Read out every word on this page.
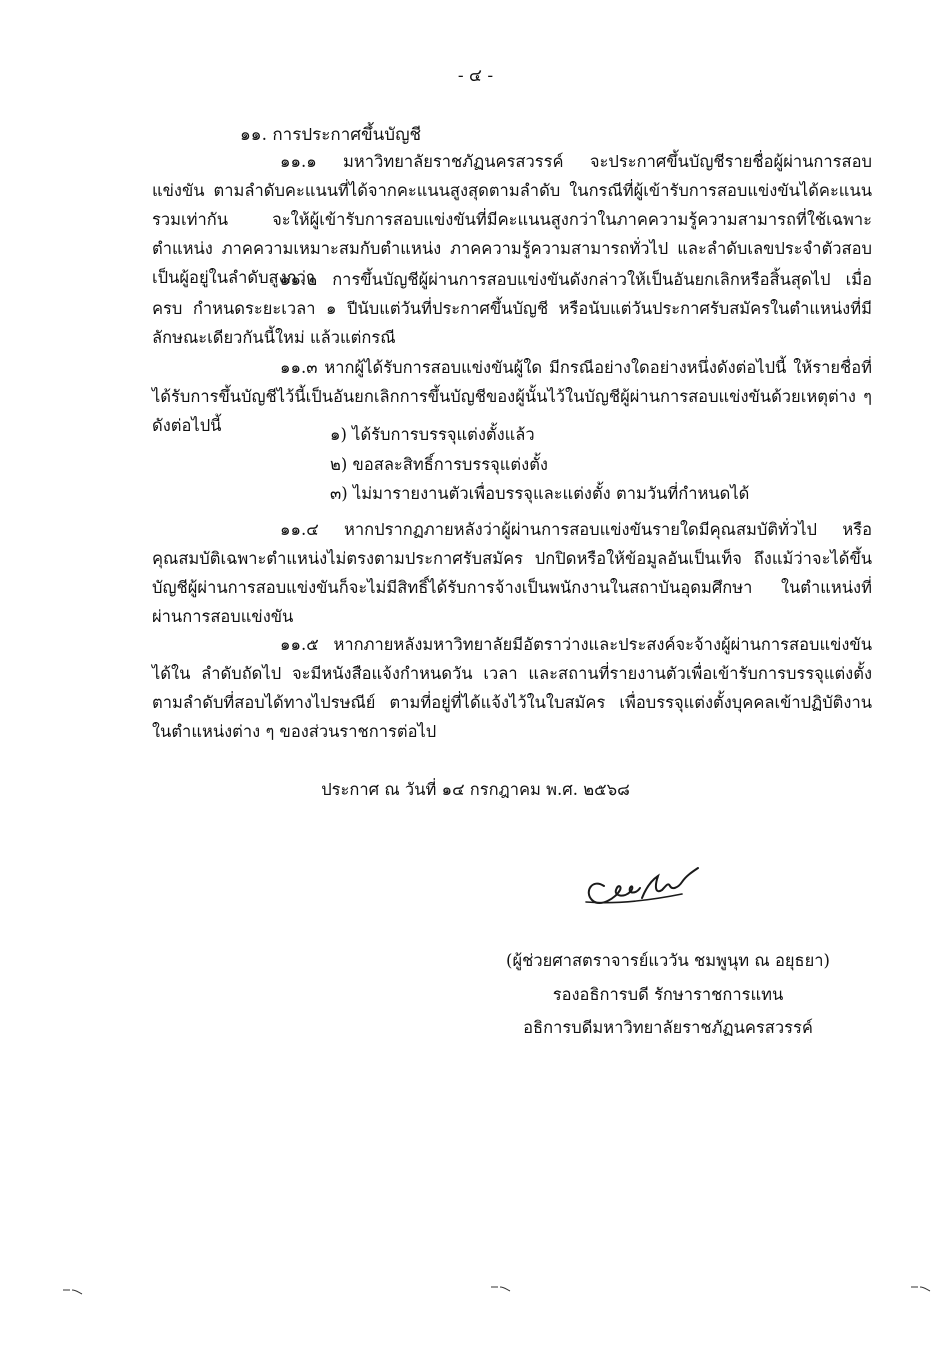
- ๔ -
๑๑. การประกาศขึ้นบัญชี
๑๑.๑ มหาวิทยาลัยราชภัฏนครสวรรค์ จะประกาศขึ้นบัญชีรายชื่อผู้ผ่านการสอบแข่งขัน ตามลำดับคะแนนที่ได้จากคะแนนสูงสุดตามลำดับ ในกรณีที่ผู้เข้ารับการสอบแข่งขันได้คะแนนรวมเท่ากัน จะให้ผู้เข้ารับการสอบแข่งขันที่มีคะแนนสูงกว่าในภาคความรู้ความสามารถที่ใช้เฉพาะตำแหน่ง ภาคความเหมาะสมกับตำแหน่ง ภาคความรู้ความสามารถทั่วไป และลำดับเลขประจำตัวสอบเป็นผู้อยู่ในลำดับสูงกว่า
๑๑.๒ การขึ้นบัญชีผู้ผ่านการสอบแข่งขันดังกล่าวให้เป็นอันยกเลิกหรือสิ้นสุดไป เมื่อครบ กำหนดระยะเวลา ๑ ปีนับแต่วันที่ประกาศขึ้นบัญชี หรือนับแต่วันประกาศรับสมัครในตำแหน่งที่มีลักษณะเดียวกันนี้ใหม่ แล้วแต่กรณี
๑๑.๓ หากผู้ได้รับการสอบแข่งขันผู้ใด มีกรณีอย่างใดอย่างหนึ่งดังต่อไปนี้ ให้รายชื่อที่ ได้รับการขึ้นบัญชีไว้นี้เป็นอันยกเลิกการขึ้นบัญชีของผู้นั้นไว้ในบัญชีผู้ผ่านการสอบแข่งขันด้วยเหตุต่าง ๆ ดังต่อไปนี้	๑) ได้รับการบรรจุแต่งตั้งแล้ว
๒) ขอสละสิทธิ์การบรรจุแต่งตั้ง
๓) ไม่มารายงานตัวเพื่อบรรจุและแต่งตั้ง ตามวันที่กำหนดได้
๑๑.๔ หากปรากฏภายหลังว่าผู้ผ่านการสอบแข่งขันรายใดมีคุณสมบัติทั่วไป หรือ คุณสมบัติเฉพาะตำแหน่งไม่ตรงตามประกาศรับสมัคร ปกปิดหรือให้ข้อมูลอันเป็นเท็จ ถึงแม้ว่าจะได้ขึ้นบัญชีผู้ผ่านการสอบแข่งขันก็จะไม่มีสิทธิ์ได้รับการจ้างเป็นพนักงานในสถาบันอุดมศึกษา ในตำแหน่งที่ผ่านการสอบแข่งขัน
๑๑.๕ หากภายหลังมหาวิทยาลัยมีอัตราว่างและประสงค์จะจ้างผู้ผ่านการสอบแข่งขันได้ใน ลำดับถัดไป จะมีหนังสือแจ้งกำหนดวัน เวลา และสถานที่รายงานตัวเพื่อเข้ารับการบรรจุแต่งตั้งตามลำดับที่สอบได้ทางไปรษณีย์ ตามที่อยู่ที่ได้แจ้งไว้ในใบสมัคร เพื่อบรรจุแต่งตั้งบุคคลเข้าปฏิบัติงานในตำแหน่งต่าง ๆ ของส่วนราชการต่อไป
ประกาศ ณ วันที่ ๑๔ กรกฎาคม พ.ศ. ๒๕๖๘
(ผู้ช่วยศาสตราจารย์แววัน ชมพูนุท ณ อยุธยา)
รองอธิการบดี รักษาราชการแทน
อธิการบดีมหาวิทยาลัยราชภัฏนครสวรรค์
